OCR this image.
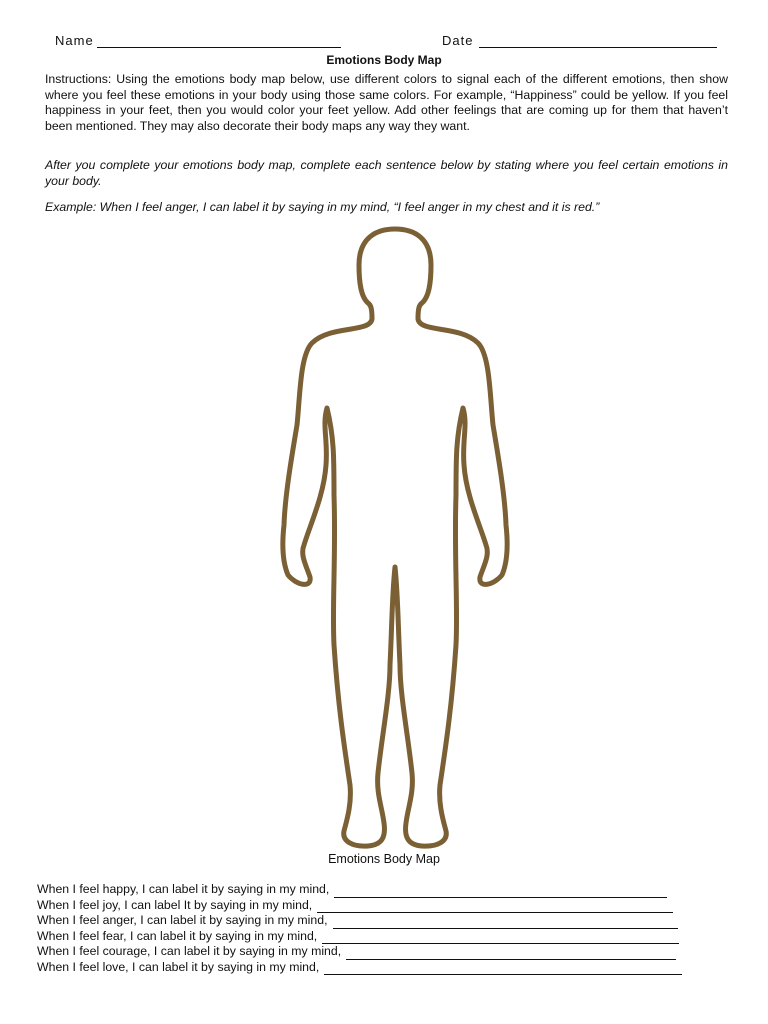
Name	Date
Emotions Body Map

Instructions: Using the emotions body map below, use different colors to signal each of the different emotions, then show where you feel these emotions in your body using those same colors. For example, “Happiness” could be yellow. If you feel happiness in your feet, then you would color your feet yellow. Add other feelings that are coming up for them that haven’t been mentioned. They may also decorate their body maps any way they want.

After you complete your emotions body map, complete each sentence below by stating where you feel certain emotions in your body.

Example: When I feel anger, I can label it by saying in my mind, “I feel anger in my chest and it is red.”

Emotions Body Map
When I feel happy, I can label it by saying in my mind,
When I feel joy, I can label It by saying in my mind,
When I feel anger, I can label it by saying in my mind,
When I feel fear, I can label it by saying in my mind,
When I feel courage, I can label it by saying in my mind,
When I feel love, I can label it by saying in my mind,
